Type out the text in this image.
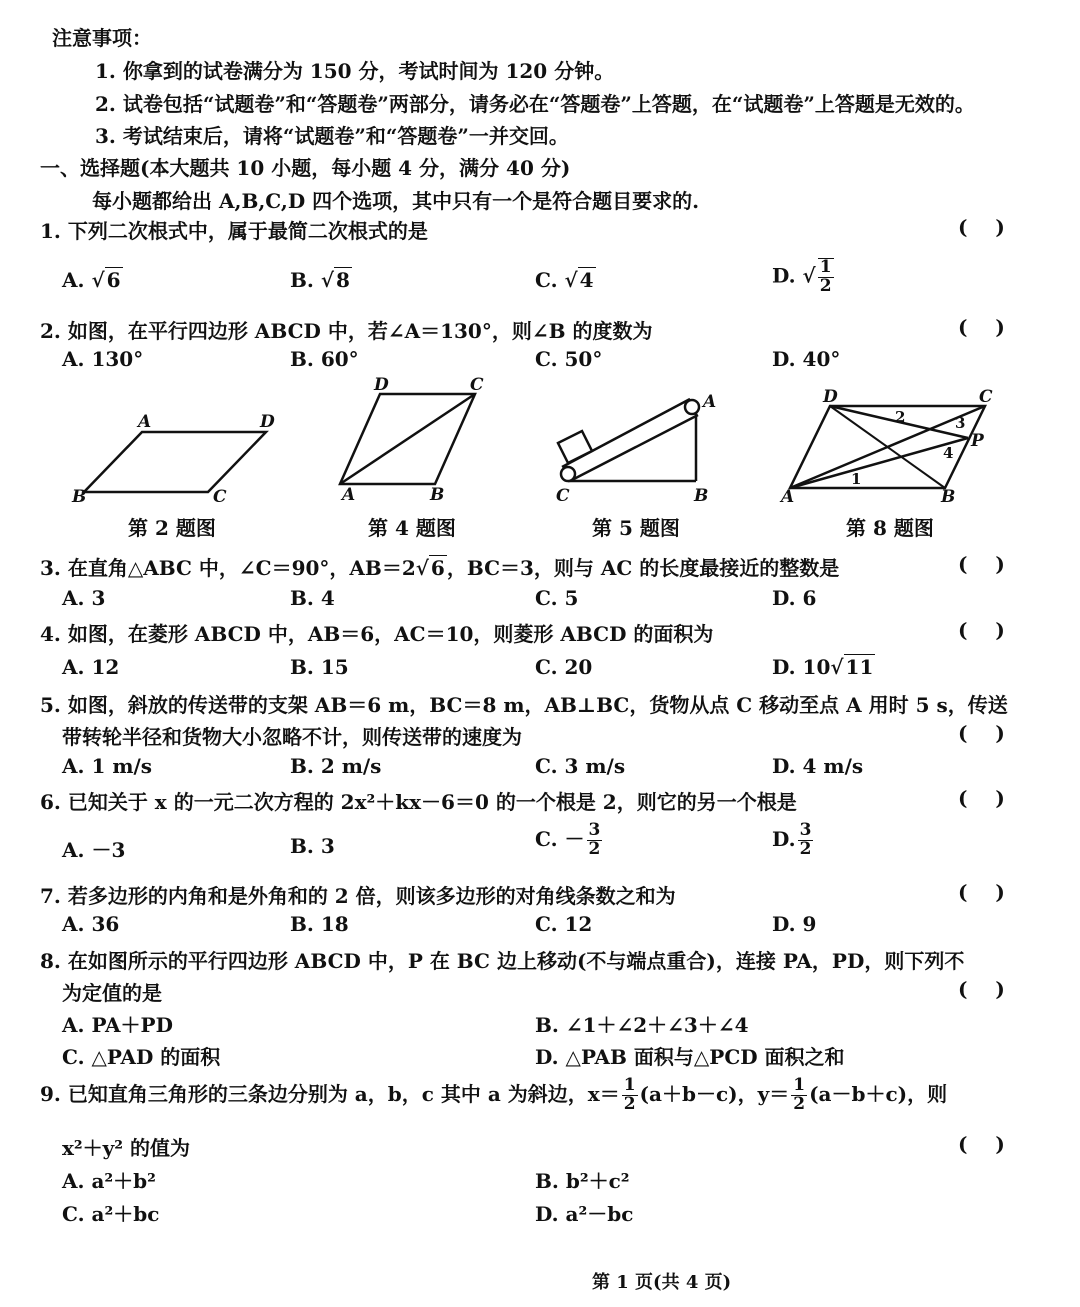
注意事项：
1. 你拿到的试卷满分为 150 分，考试时间为 120 分钟。
2. 试卷包括“试题卷”和“答题卷”两部分，请务必在“答题卷”上答题，在“试题卷”上答题是无效的。
3. 考试结束后，请将“试题卷”和“答题卷”一并交回。
一、选择题(本大题共 10 小题，每小题 4 分，满分 40 分)
每小题都给出 A,B,C,D 四个选项，其中只有一个是符合题目要求的.
1. 下列二次根式中，属于最简二次根式的是	(    )
A. √ 6	B. √ 8	C. √ 4	D. √ $\frac{1}{2}$
2. 如图，在平行四边形 ABCD 中，若∠A＝130°，则∠B 的度数为	(    )
A. 130°	B. 60°	C. 50°	D. 40°
A	D
B	C
第 2 题图
D	C
A	B
第 4 题图
A
C	B
第 5 题图
D	C
P
A	B
1
2	3
4
第 8 题图
3. 在直角△ABC 中，∠C＝90°，AB＝2√ 6 ，BC＝3，则与 AC 的长度最接近的整数是	(    )
A. 3	B. 4	C. 5	D. 6
4. 如图，在菱形 ABCD 中，AB＝6，AC＝10，则菱形 ABCD 的面积为	(    )
A. 12	B. 15	C. 20	D. 10√ 11
5. 如图，斜放的传送带的支架 AB＝6 m，BC＝8 m，AB⊥BC，货物从点 C 移动至点 A 用时 5 s，传送
带转轮半径和货物大小忽略不计，则传送带的速度为	(    )
A. 1 m/s	B. 2 m/s	C. 3 m/s	D. 4 m/s
6. 已知关于 x 的一元二次方程的 2x²＋kx－6＝0 的一个根是 2，则它的另一个根是	(    )
A. －3	B. 3	C. － $\frac{3}{2}$	D. $\frac{3}{2}$
7. 若多边形的内角和是外角和的 2 倍，则该多边形的对角线条数之和为	(    )
A. 36	B. 18	C. 12	D. 9
8. 在如图所示的平行四边形 ABCD 中，P 在 BC 边上移动(不与端点重合)，连接 PA，PD，则下列不
为定值的是	(    )
A. PA＋PD	B. ∠1＋∠2＋∠3＋∠4
C. △PAD 的面积	D. △PAB 面积与△PCD 面积之和
9. 已知直角三角形的三条边分别为 a，b，c 其中 a 为斜边，$x= \frac{1}{2} (a+b-c)$，$y= \frac{1}{2} (a-b+c)$，则
x²＋y² 的值为	(    )
A. a²＋b²	B. b²＋c²
C. a²＋bc	D. a²－bc
第 1 页(共 4 页)
